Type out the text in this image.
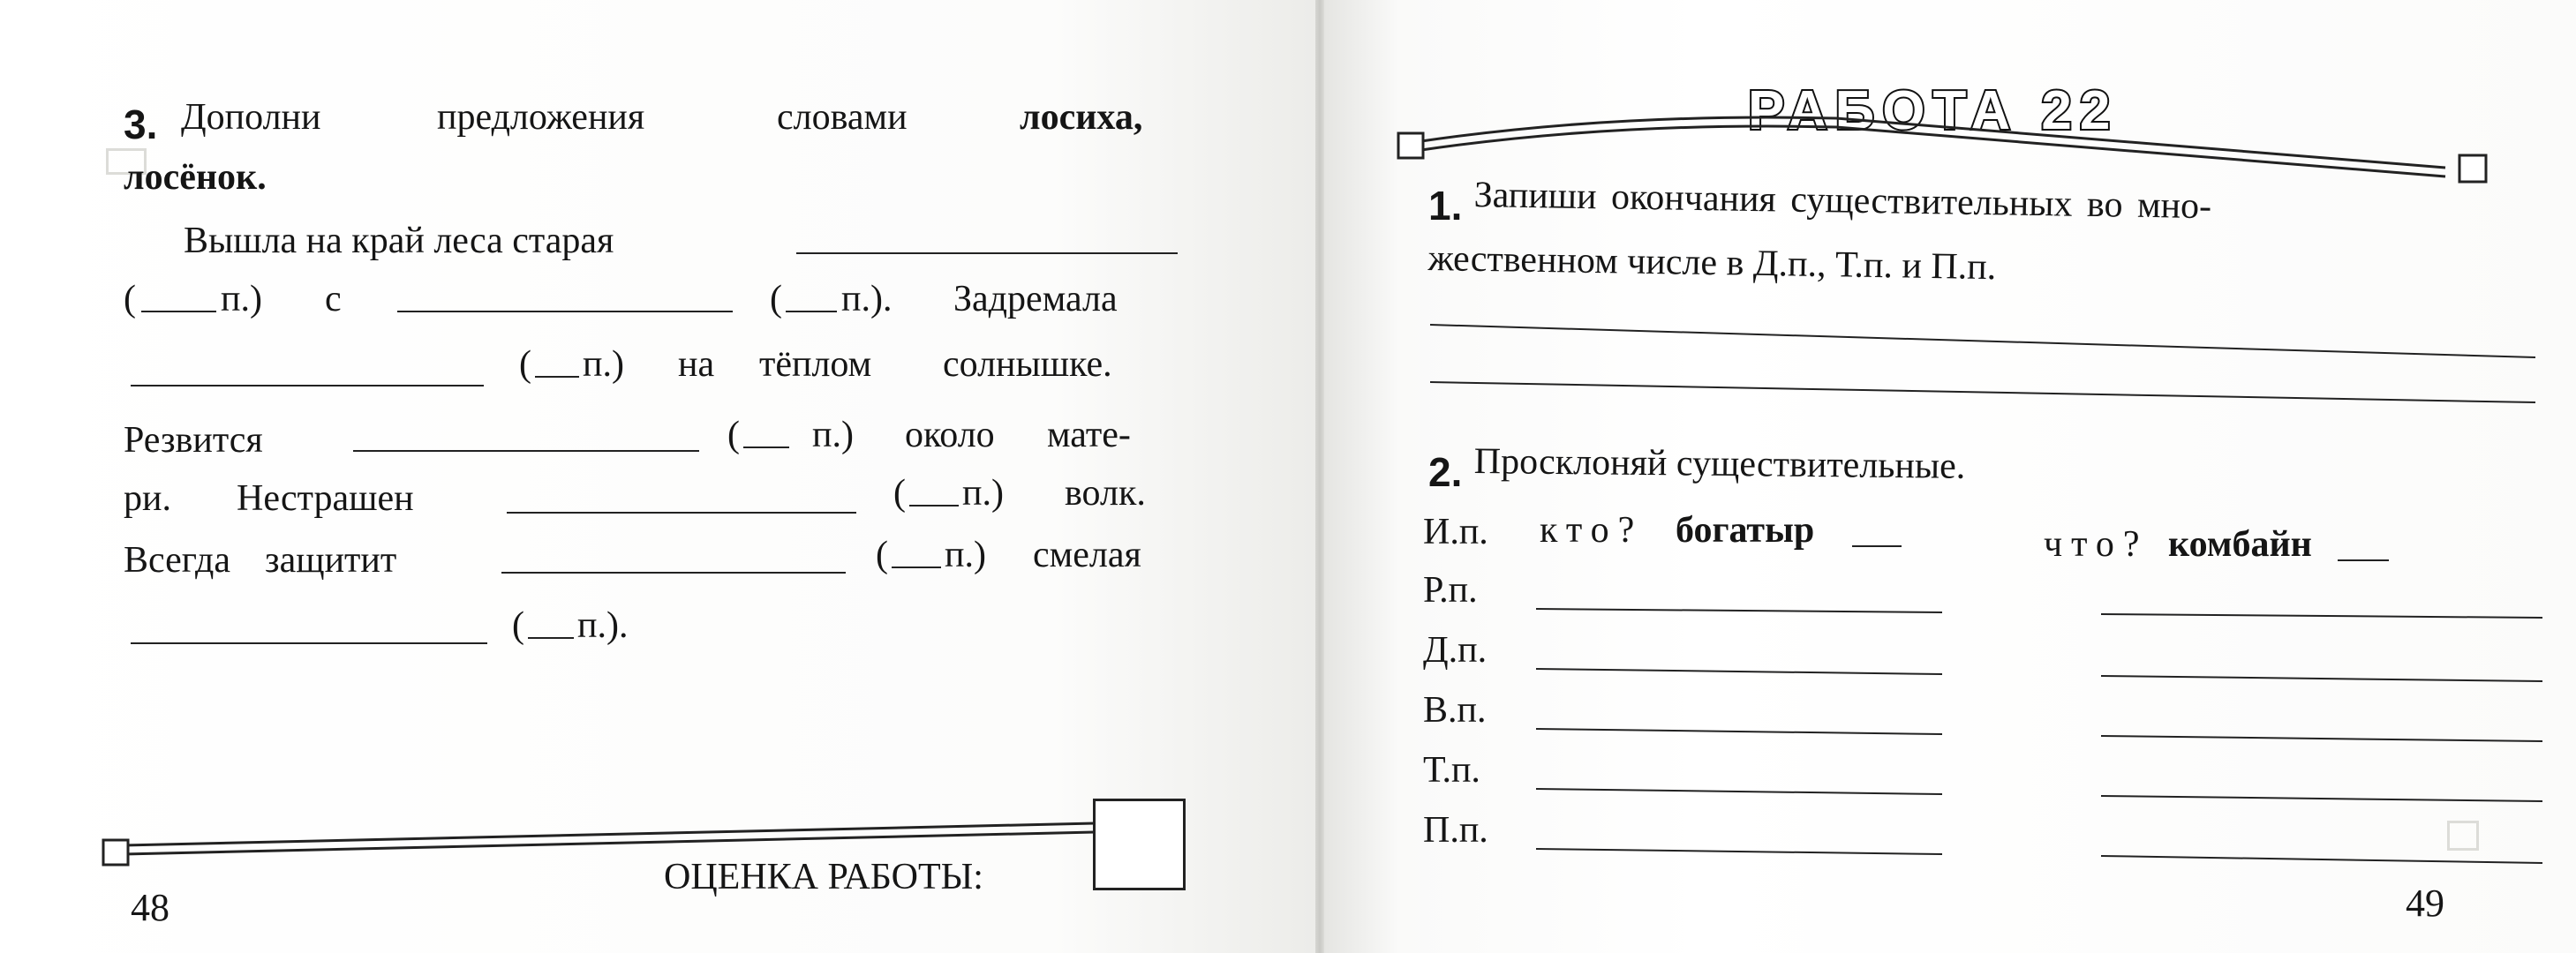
3. Дополни	предложения	словами	лосиха,
лосёнок.
Вышла на край леса старая
( п.) с	( п.). Задремала
( п.) на тёплом солнышке.
Резвится	( п.) около мате-
ри. Нестрашен	( п.) волк.
Всегда защитит	( п.) смелая
( п.).
ОЦЕНКА РАБОТЫ:
48
РАБОТА 22
1. Запиши окончания существительных во мно-
жественном числе в Д.п., Т.п. и П.п.
2. Просклоняй существительные.
И.п. кто? богатыр	что? комбайн
Р.п.
Д.п.
В.п.
Т.п.
П.п.
49
